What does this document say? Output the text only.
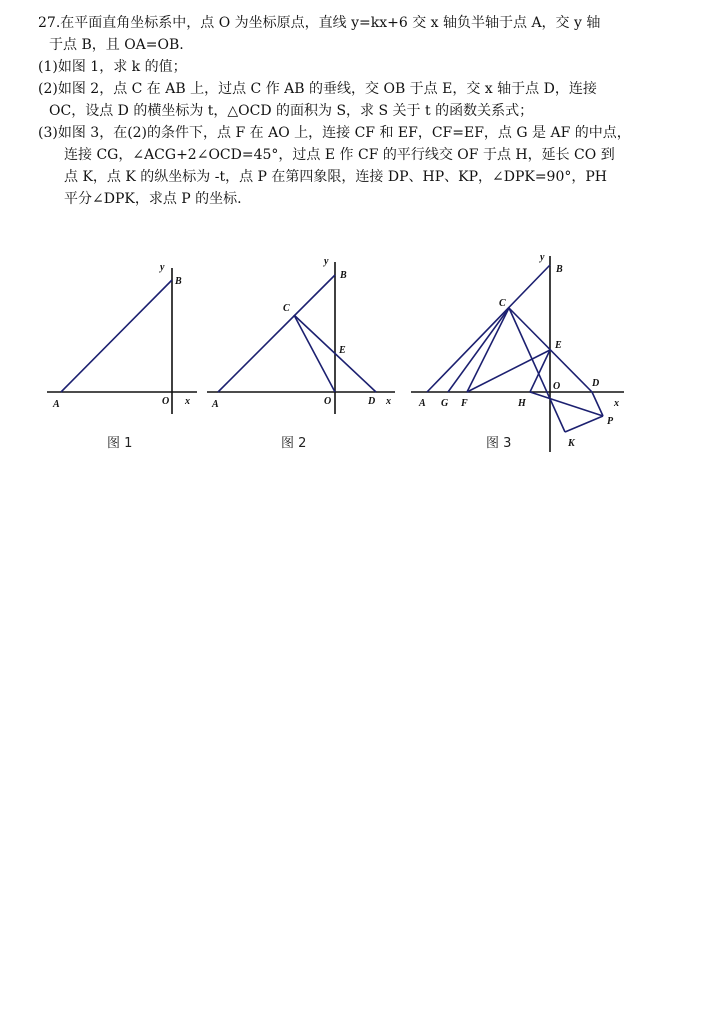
27.在平面直角坐标系中，点 O 为坐标原点，直线 y=kx+6 交 x 轴负半轴于点 A，交 y 轴
于点 B，且 OA=OB.
(1)如图 1，求 k 的值；
(2)如图 2，点 C 在 AB 上，过点 C 作 AB 的垂线，交 OB 于点 E，交 x 轴于点 D，连接
OC，设点 D 的横坐标为 t，△OCD 的面积为 S，求 S 关于 t 的函数关系式；
(3)如图 3，在(2)的条件下，点 F 在 AO 上，连接 CF 和 EF，CF=EF，点 G 是 AF 的中点，
连接 CG，∠ACG+2∠OCD=45°，过点 E 作 CF 的平行线交 OF 于点 H，延长 CO 到
点 K，点 K 的纵坐标为 -t，点 P 在第四象限，连接 DP、HP、KP，∠DPK=90°，PH
平分∠DPK，求点 P 的坐标.
y
B
A	O x
图 1
y
B
C
E
A	O	D x
图 2
y
B
C
E
A G F	H
O	D
x
P
K
图 3
